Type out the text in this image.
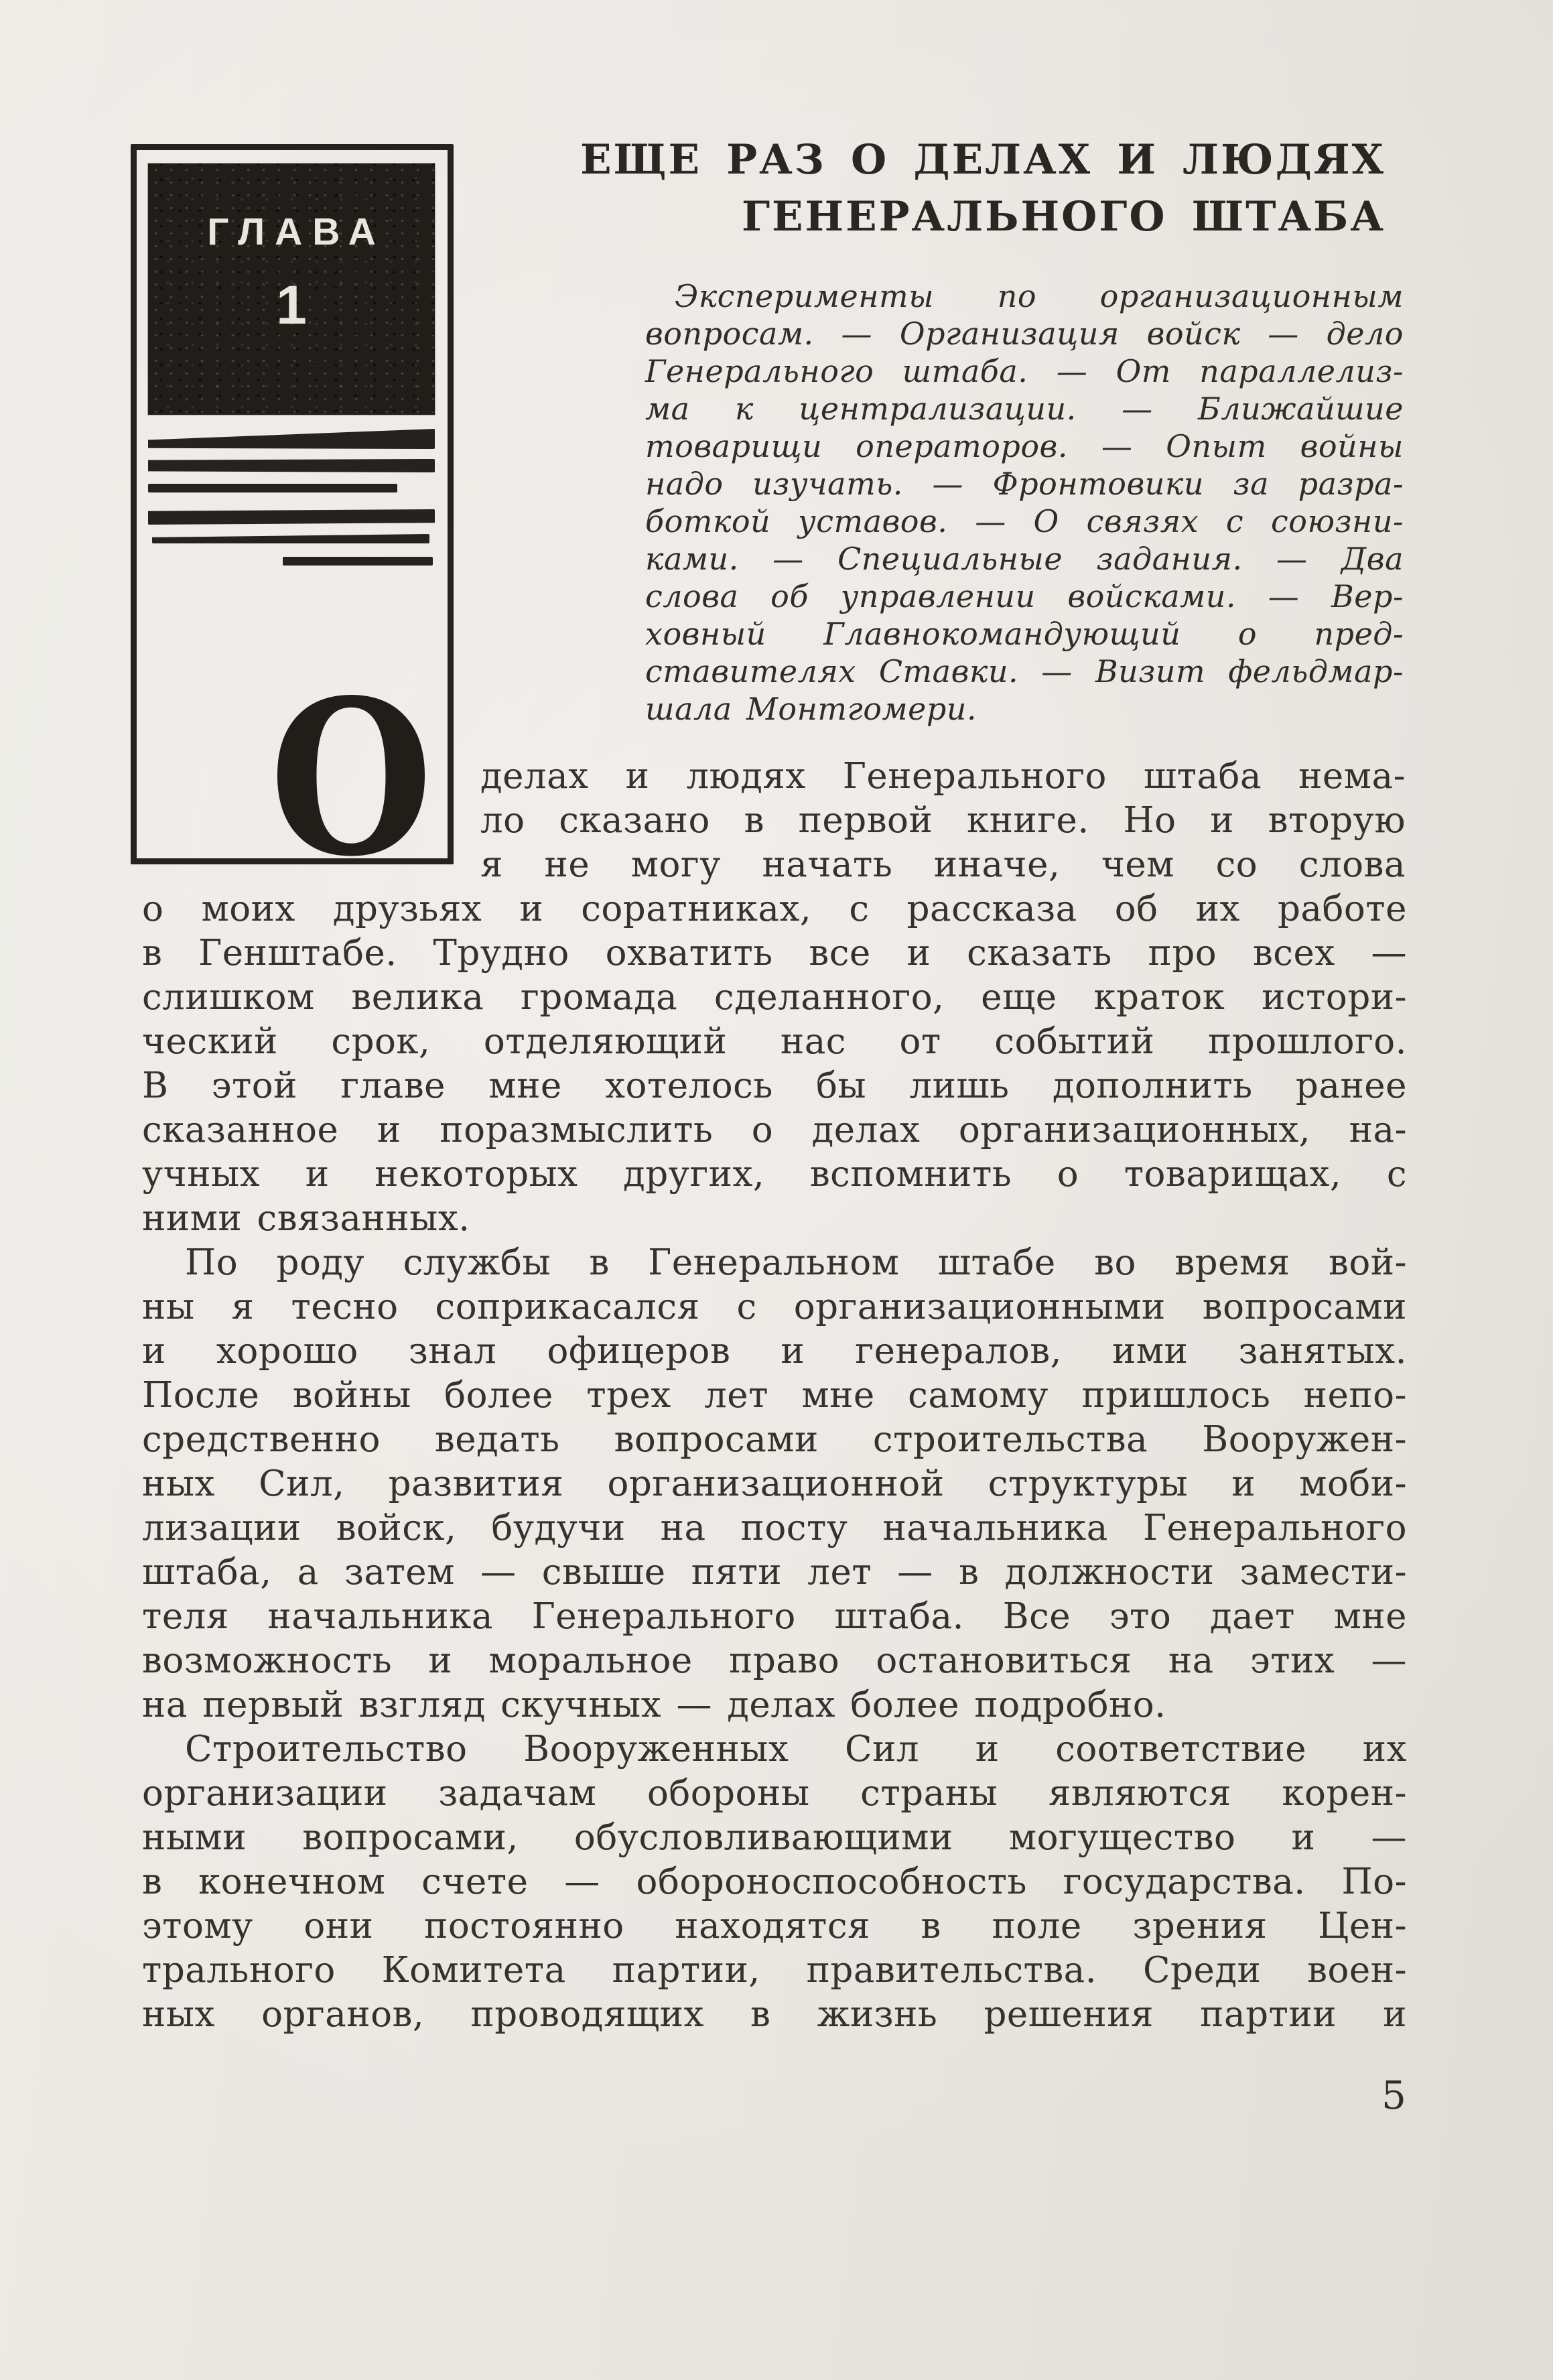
ГЛАВА
1
О
ЕЩЕ РАЗ О ДЕЛАХ И ЛЮДЯХ
ГЕНЕРАЛЬНОГО ШТАБА
Эксперименты по организационным
вопросам. — Организация войск — дело
Генерального штаба. — От параллелиз-
ма к централизации. — Ближайшие
товарищи операторов. — Опыт войны
надо изучать. — Фронтовики за разра-
боткой уставов. — О связях с союзни-
ками. — Специальные задания. — Два
слова об управлении войсками. — Вер-
ховный Главнокомандующий о пред-
ставителях Ставки. — Визит фельдмар-
шала Монтгомери.
делах и людях Генерального штаба нема-
ло сказано в первой книге. Но и вторую
я не могу начать иначе, чем со слова
о моих друзьях и соратниках, с рассказа об их работе
в Генштабе. Трудно охватить все и сказать про всех —
слишком велика громада сделанного, еще краток истори-
ческий срок, отделяющий нас от событий прошлого.
В этой главе мне хотелось бы лишь дополнить ранее
сказанное и поразмыслить о делах организационных, на-
учных и некоторых других, вспомнить о товарищах, с
ними связанных.
По роду службы в Генеральном штабе во время вой-
ны я тесно соприкасался с организационными вопросами
и хорошо знал офицеров и генералов, ими занятых.
После войны более трех лет мне самому пришлось непо-
средственно ведать вопросами строительства Вооружен-
ных Сил, развития организационной структуры и моби-
лизации войск, будучи на посту начальника Генерального
штаба, а затем — свыше пяти лет — в должности замести-
теля начальника Генерального штаба. Все это дает мне
возможность и моральное право остановиться на этих —
на первый взгляд скучных — делах более подробно.
Строительство Вооруженных Сил и соответствие их
организации задачам обороны страны являются корен-
ными вопросами, обусловливающими могущество и —
в конечном счете — обороноспособность государства. По-
этому они постоянно находятся в поле зрения Цен-
трального Комитета партии, правительства. Среди воен-
ных органов, проводящих в жизнь решения партии и
5
